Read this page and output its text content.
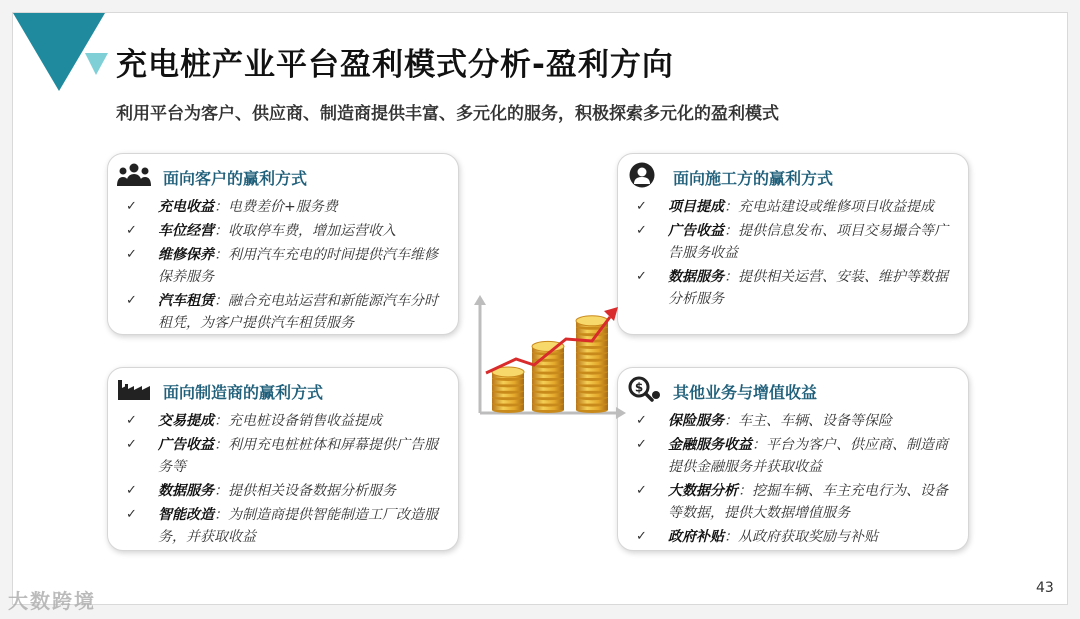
充电桩产业平台盈利模式分析-盈利方向
利用平台为客户、供应商、制造商提供丰富、多元化的服务，积极探索多元化的盈利模式
面向客户的赢利方式
✓ 充电收益：电费差价+服务费
✓ 车位经营：收取停车费，增加运营收入
✓ 维修保养：利用汽车充电的时间提供汽车维修保养服务
✓ 汽车租赁：融合充电站运营和新能源汽车分时租凭，为客户提供汽车租赁服务
面向施工方的赢利方式
✓ 项目提成：充电站建设或维修项目收益提成
✓ 广告收益：提供信息发布、项目交易撮合等广告服务收益
✓ 数据服务：提供相关运营、安装、维护等数据分析服务
面向制造商的赢利方式
✓ 交易提成：充电桩设备销售收益提成
✓ 广告收益：利用充电桩桩体和屏幕提供广告服务等
✓ 数据服务：提供相关设备数据分析服务
✓ 智能改造：为制造商提供智能制造工厂改造服务，并获取收益
$ 其他业务与增值收益
✓ 保险服务：车主、车辆、设备等保险
✓ 金融服务收益：平台为客户、供应商、制造商提供金融服务并获取收益
✓ 大数据分析：挖掘车辆、车主充电行为、设备等数据，提供大数据增值服务
✓ 政府补贴：从政府获取奖励与补贴
大数跨境
43
